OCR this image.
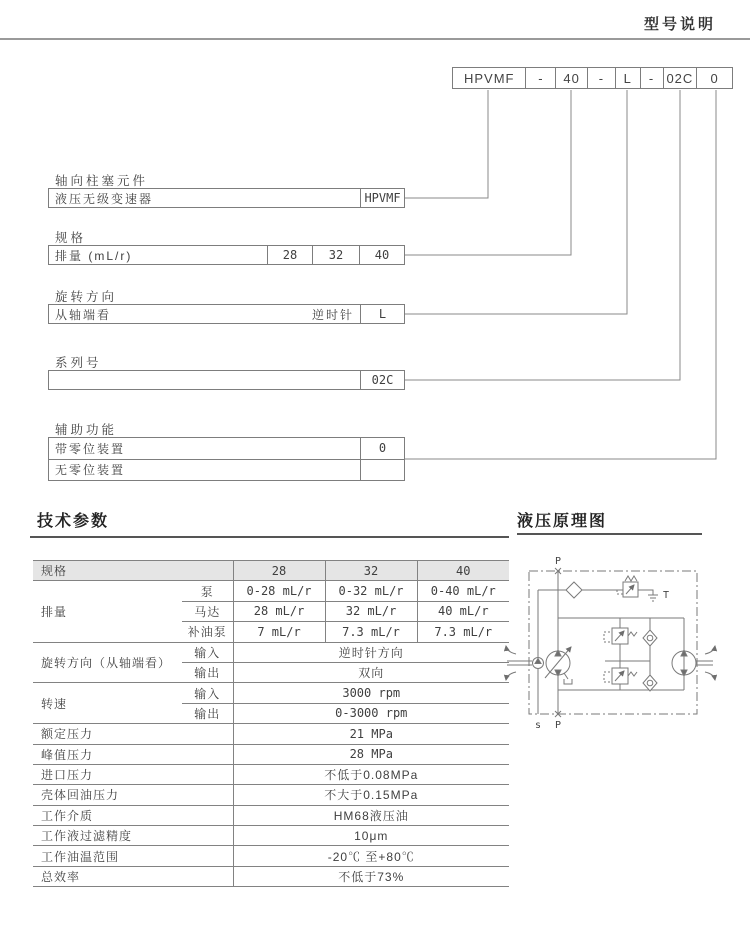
型号说明
HPVMF	-	40	-	L	- 02C	0
轴向柱塞元件
液压无级变速器	HPVMF
规格
排量 (mL/r)	28	32	40
旋转方向
从轴端看	逆时针	L
系列号
02C
辅助功能
带零位装置	0
无零位装置
技术参数	液压原理图
规格		28	32	40
排量	泵	0-28 mL/r	0-32 mL/r	0-40 mL/r
	马达	28 mL/r	32 mL/r	40 mL/r
	补油泵	7 mL/r	7.3 mL/r	7.3 mL/r
旋转方向（从轴端看）	输入	逆时针方向		
	输出	双向		
转速	输入	3000 rpm		
	输出	0-3000 rpm		
额定压力		21 MPa		
峰值压力		28 MPa		
进口压力		不低于0.08MPa		
壳体回油压力		不大于0.15MPa		
工作介质		HM68液压油		
工作液过滤精度		10μm		
工作油温范围		-20℃ 至+80℃		
总效率		不低于73%		
P
P
s
T
